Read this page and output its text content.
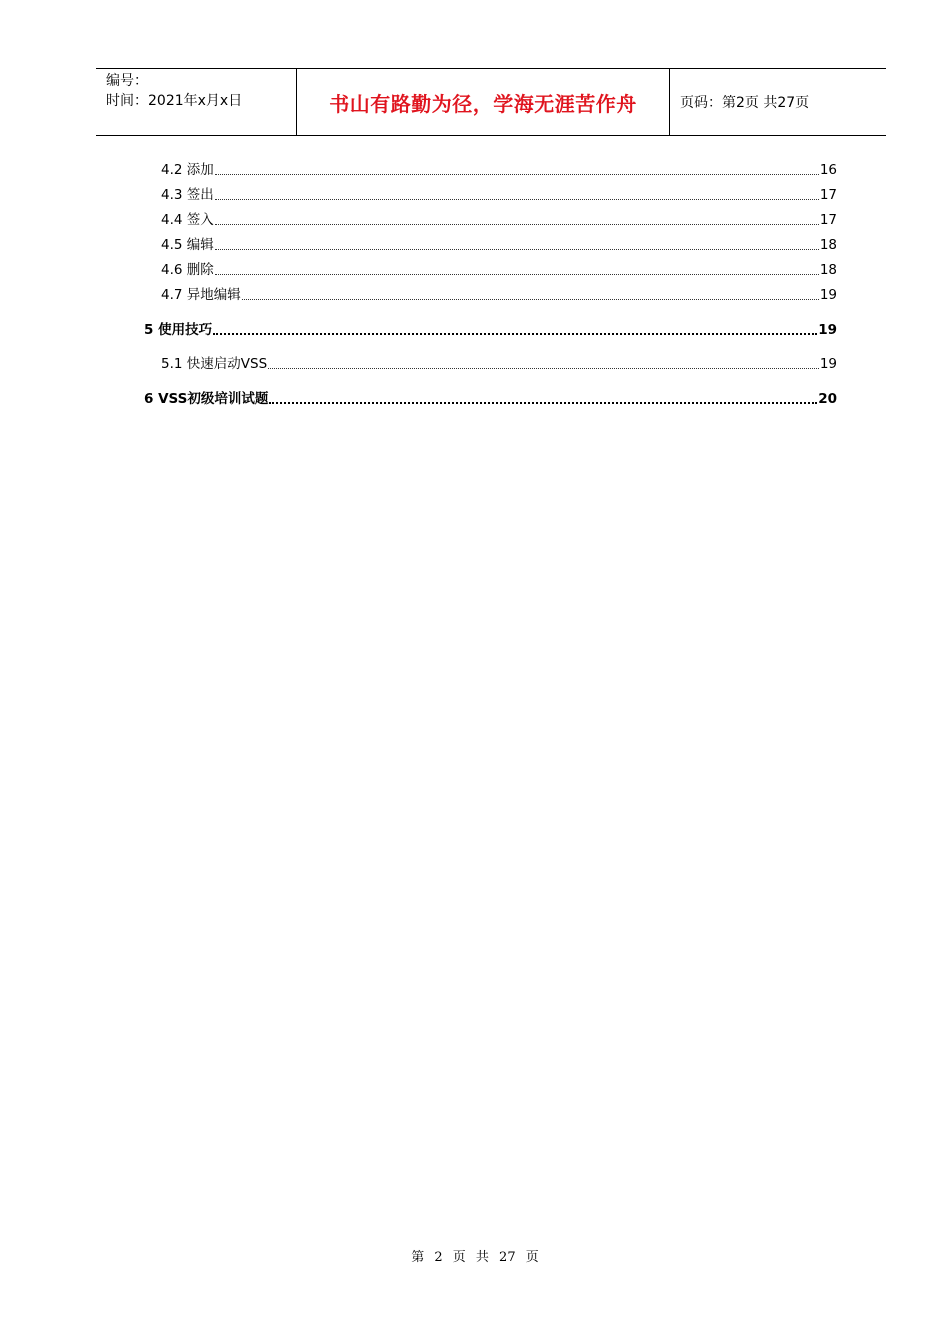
编号：
时间：2021年x月x日	书山有路勤为径，学海无涯苦作舟	页码：第2页 共27页
4.2 添加	16
4.3 签出	17
4.4 签入	17
4.5 编辑	18
4.6 删除	18
4.7 异地编辑	19
5 使用技巧	19
5.1 快速启动VSS	19
6 VSS初级培训试题	20
第 2 页 共 27 页
